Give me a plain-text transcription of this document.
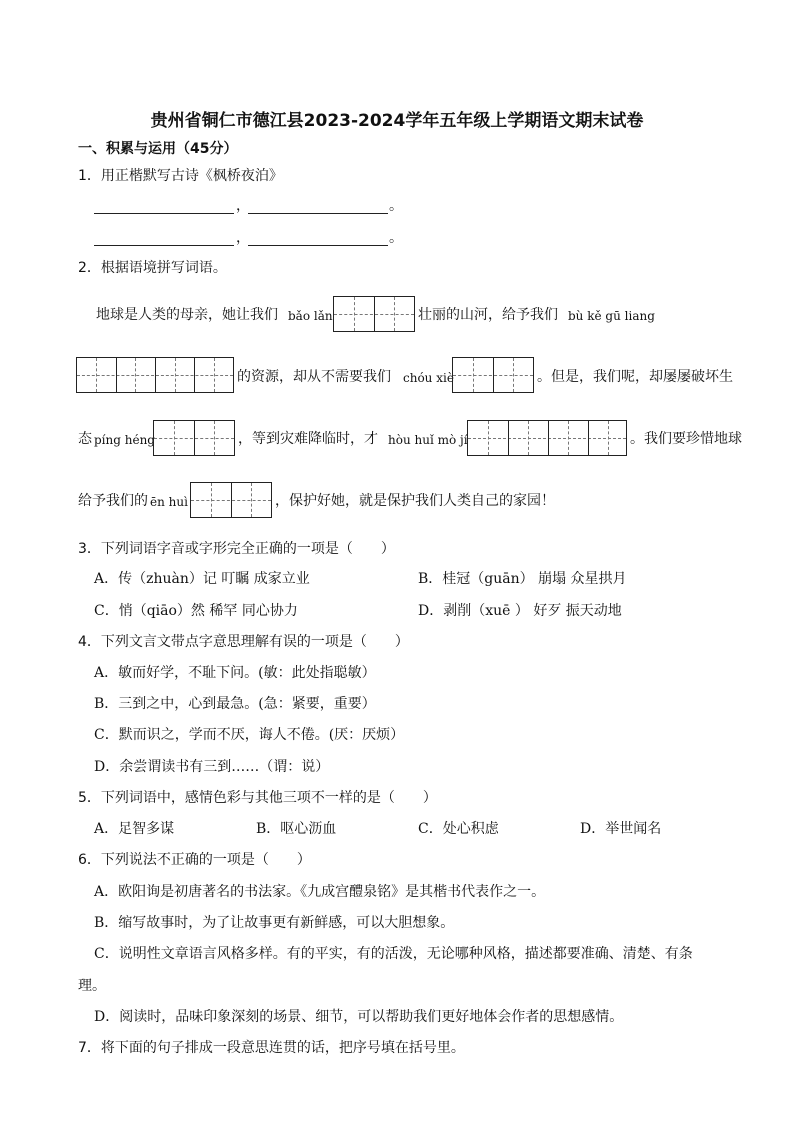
贵州省铜仁市德江县2023-2024学年五年级上学期语文期末试卷
一、积累与运用（45分）
1．用正楷默写古诗《枫桥夜泊》
，	。
，	。
2．根据语境拼写词语。
地球是人类的母亲，她让我们 bǎo lǎn	壮丽的山河，给予我们 bù kě gū liang
的资源，却从不需要我们 chóu xiè	。但是，我们呢，却屡屡破坏生
态 píng héng	，等到灾难降临时，才 hòu huǐ mò jí	。我们要珍惜地球
给予我们的 ēn huì	，保护好她，就是保护我们人类自己的家园！
3．下列词语字音或字形完全正确的一项是（　　）
A．传（zhuàn）记 叮瞩 成家立业	B．桂冠（guān） 崩塌 众星拱月
C．悄（qiāo）然 稀罕 同心协力	D．剥削（xuē ） 好歹 振天动地
4．下列文言文带点字意思理解有误的一项是（　　）
A．敏而好学，不耻下问。(敏：此处指聪敏）
B．三到之中，心到最急。(急：紧要，重要）
C．默而识之，学而不厌，诲人不倦。(厌：厌烦）
D．余尝谓读书有三到……（谓：说）
5．下列词语中，感情色彩与其他三项不一样的是（　　）
A．足智多谋	B．呕心沥血	C．处心积虑	D．举世闻名
6．下列说法不正确的一项是（　　）
A．欧阳询是初唐著名的书法家。《九成宫醴泉铭》是其楷书代表作之一。
B．缩写故事时，为了让故事更有新鲜感，可以大胆想象。
C．说明性文章语言风格多样。有的平实，有的活泼，无论哪种风格，描述都要准确、清楚、有条
理。
D．阅读时，品味印象深刻的场景、细节，可以帮助我们更好地体会作者的思想感情。
7．将下面的句子排成一段意思连贯的话，把序号填在括号里。
